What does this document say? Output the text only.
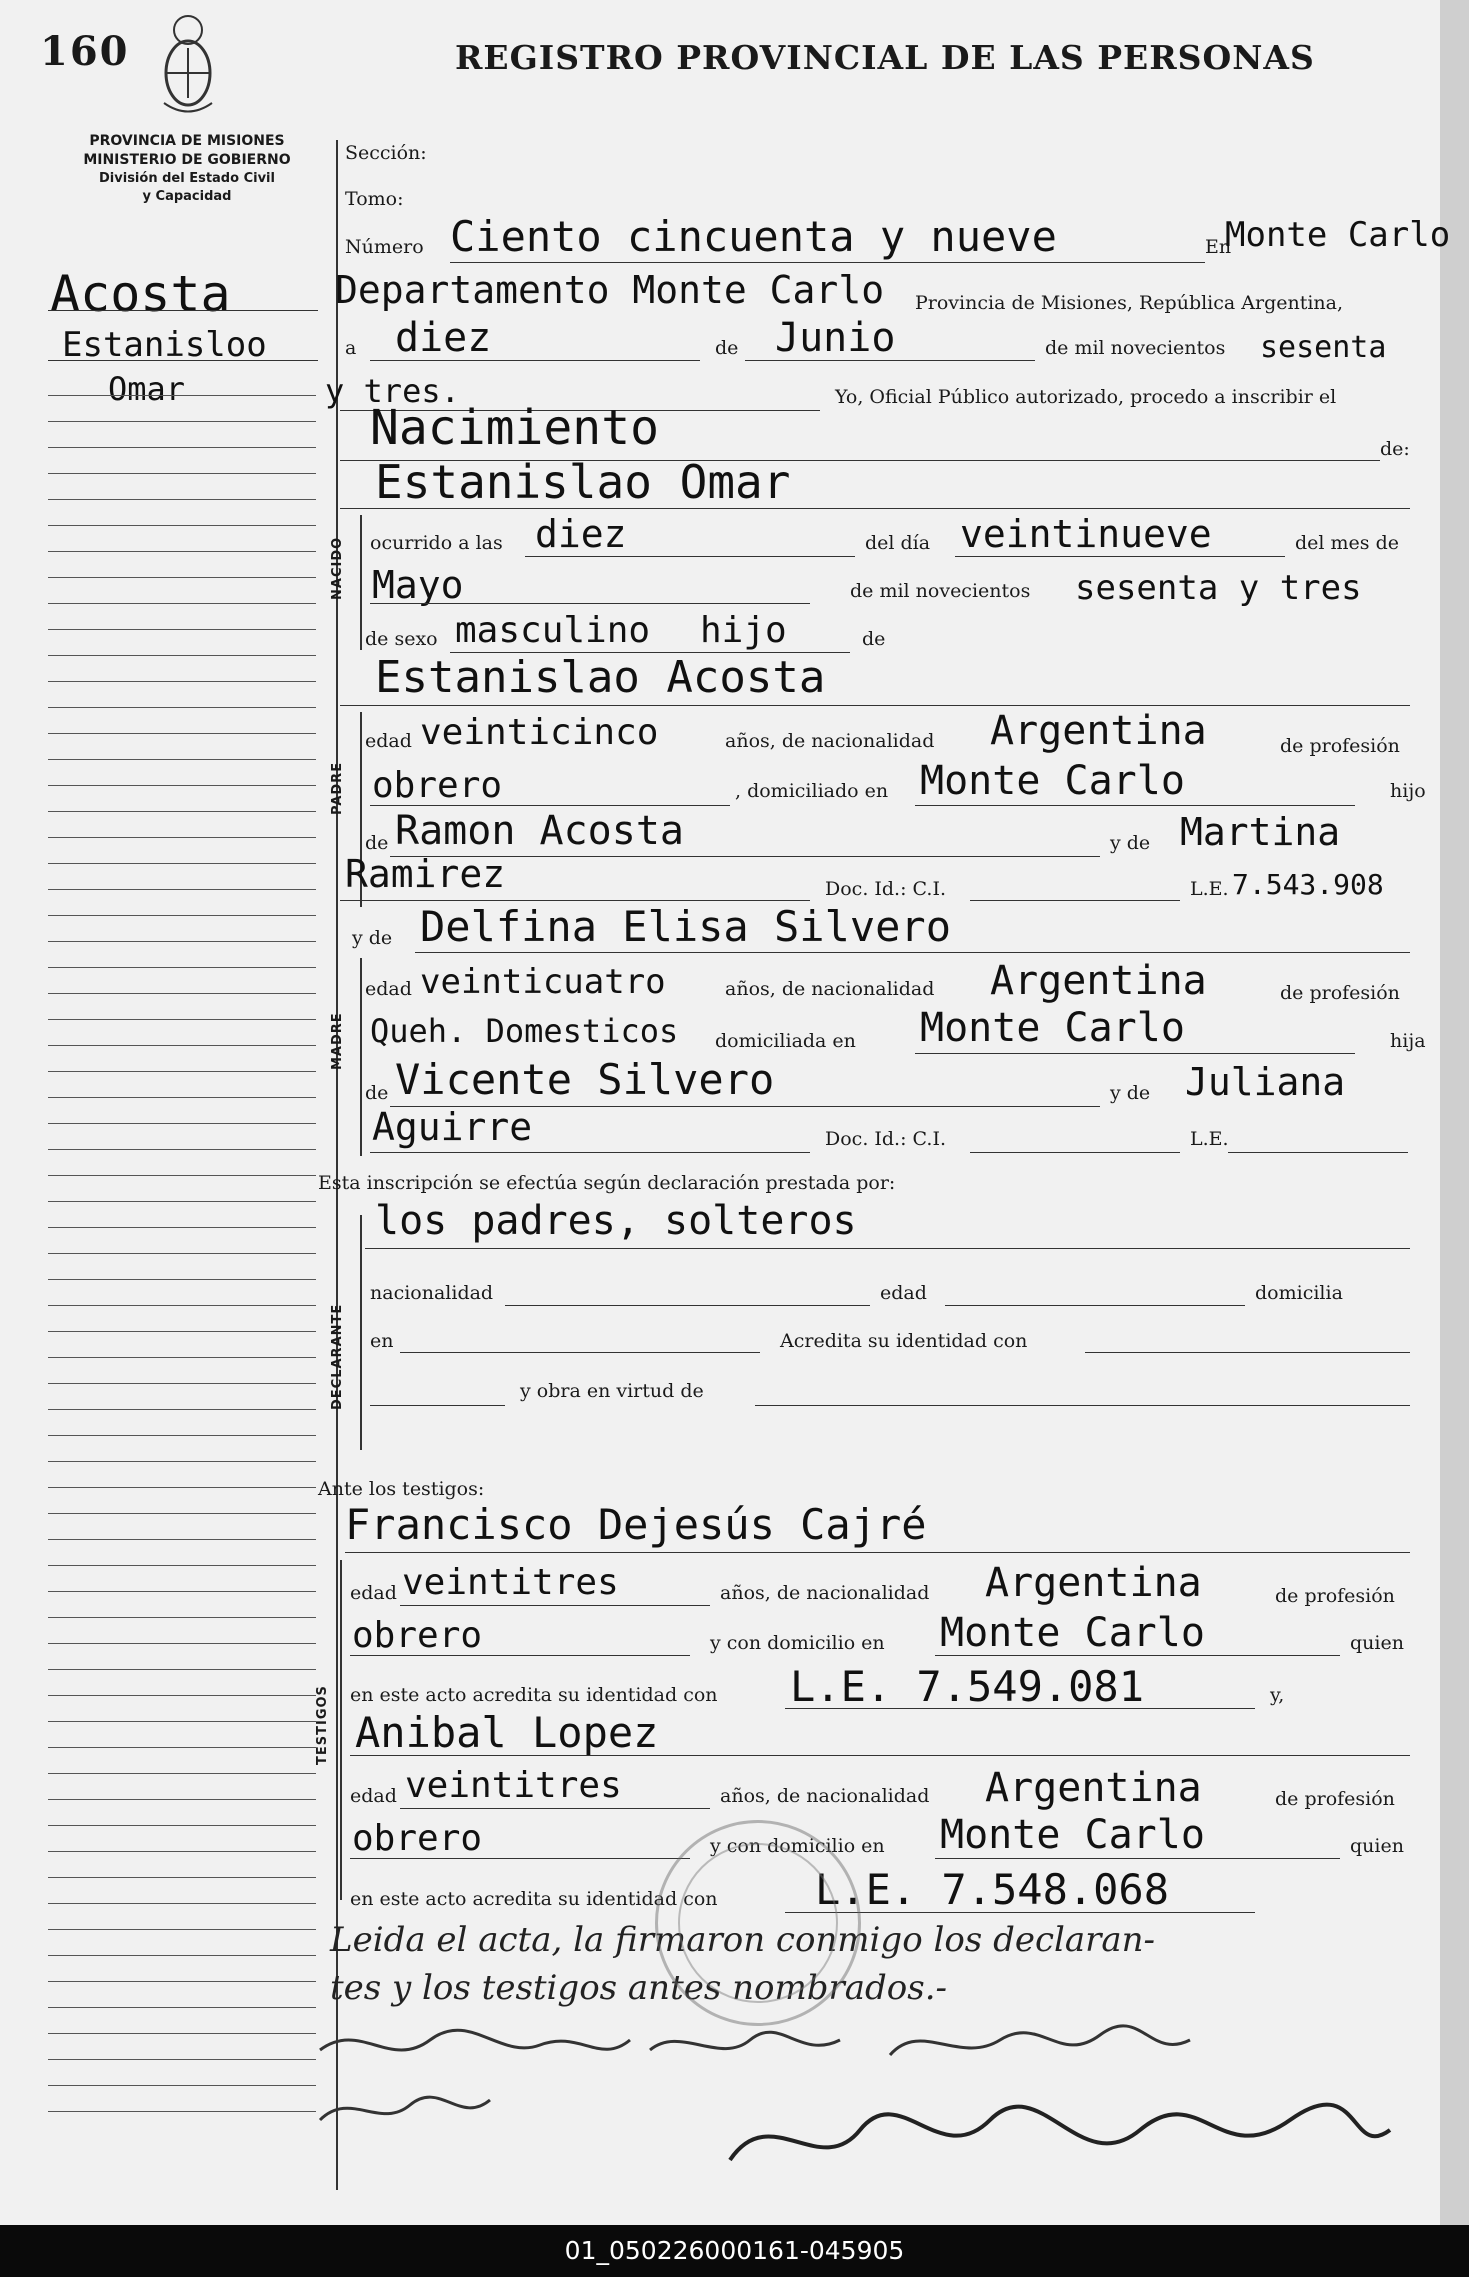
160	REGISTRO PROVINCIAL DE LAS PERSONAS
PROVINCIA DE MISIONES
MINISTERIO DE GOBIERNO
División del Estado Civil
y Capacidad
Acosta
Estanisloo
Omar
Sección:
Tomo:
Número Ciento cincuenta y nueve	En
Monte Carlo
Departamento Monte Carlo Provincia de Misiones, República Argentina,
a diez	de Junio	de mil novecientos sesenta
y tres.	Yo, Oficial Público autorizado, procedo a inscribir el
Nacimiento	de:
Estanislao Omar
NACIDO ocurrido a las diez	del día veintinueve	del mes de
Mayo	de mil novecientos sesenta y tres
de sexo masculino hijo	de
Estanislao Acosta
PADRE
edad veinticinco	años, de nacionalidad Argentina	de profesión
obrero	, domiciliado en Monte Carlo	hijo
de Ramon Acosta	y de Martina
Ramirez	Doc. Id.: C.I.	L.E. 7.543.908
y de Delfina Elisa Silvero
MADRE
edad veinticuatro	años, de nacionalidad Argentina	de profesión
Queh. Domesticos domiciliada en Monte Carlo	hija
de Vicente Silvero	y de Juliana
Aguirre	Doc. Id.: C.I.	L.E.
Esta inscripción se efectúa según declaración prestada por:
los padres, solteros
DECLARANTE
nacionalidad	edad	domicilia
en	Acredita su identidad con
y obra en virtud de
Ante los testigos:
Francisco Dejesús Cajré
TESTIGOS
edad veintitres	años, de nacionalidad Argentina	de profesión
obrero	y con domicilio en Monte Carlo	quien
en este acto acredita su identidad con L.E. 7.549.081	y,
Anibal Lopez
edad veintitres	años, de nacionalidad Argentina	de profesión
obrero	y con domicilio en Monte Carlo	quien
en este acto acredita su identidad con L.E. 7.548.068
Leida el acta, la firmaron conmigo los declaran-
tes y los testigos antes nombrados.-
01_050226000161-045905
